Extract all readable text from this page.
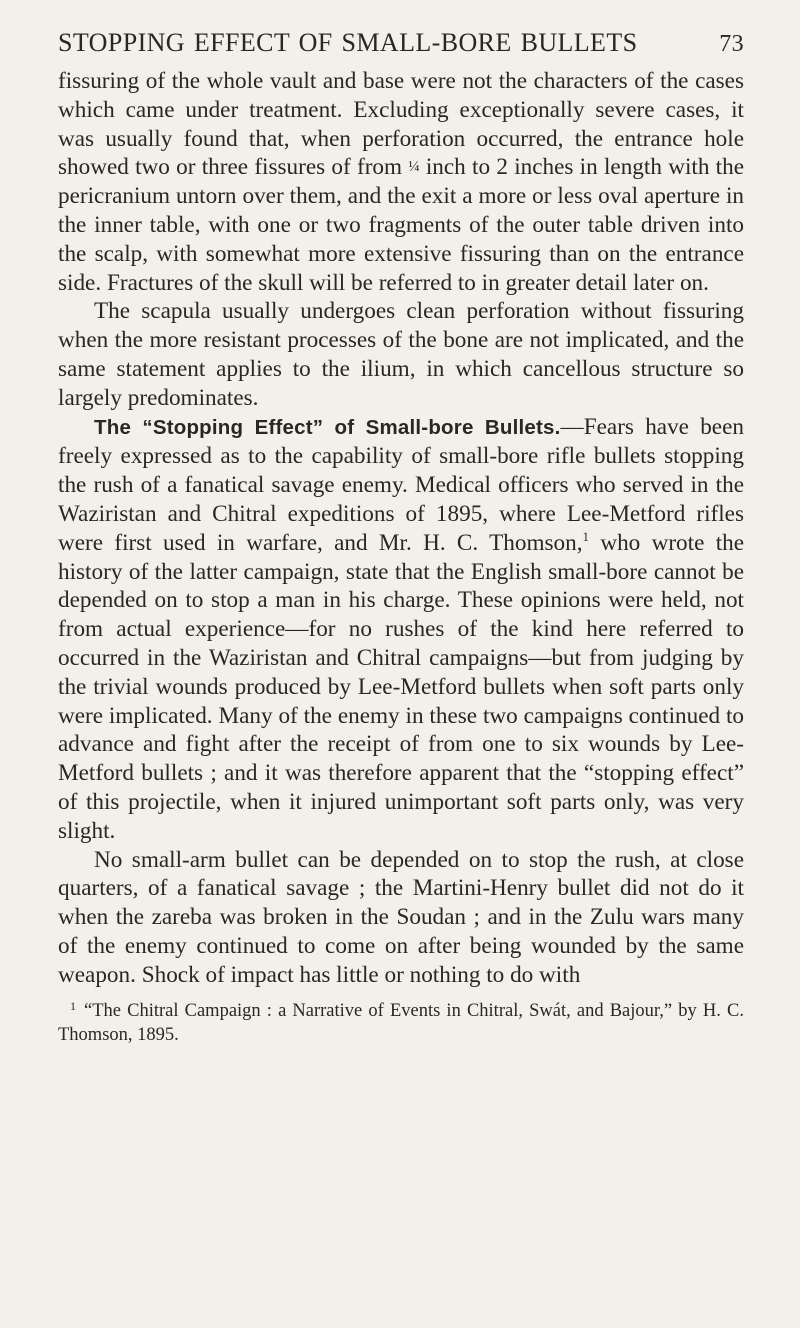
STOPPING EFFECT OF SMALL-BORE BULLETS	73

fissuring of the whole vault and base were not the characters of the cases which came under treatment. Excluding exceptionally severe cases, it was usually found that, when perforation occurred, the entrance hole showed two or three fissures of from ¼ inch to 2 inches in length with the pericranium untorn over them, and the exit a more or less oval aperture in the inner table, with one or two fragments of the outer table driven into the scalp, with somewhat more extensive fissuring than on the entrance side. Fractures of the skull will be referred to in greater detail later on.

The scapula usually undergoes clean perforation without fissuring when the more resistant processes of the bone are not implicated, and the same statement applies to the ilium, in which cancellous structure so largely predominates.

The “Stopping Effect” of Small-bore Bullets.—Fears have been freely expressed as to the capability of small-bore rifle bullets stopping the rush of a fanatical savage enemy. Medical officers who served in the Waziristan and Chitral expeditions of 1895, where Lee-Metford rifles were first used in warfare, and Mr. H. C. Thomson,$^1$ who wrote the history of the latter campaign, state that the English small-bore cannot be depended on to stop a man in his charge. These opinions were held, not from actual experience—for no rushes of the kind here referred to occurred in the Waziristan and Chitral campaigns—but from judging by the trivial wounds produced by Lee-Metford bullets when soft parts only were implicated. Many of the enemy in these two campaigns continued to advance and fight after the receipt of from one to six wounds by Lee-Metford bullets ; and it was therefore apparent that the “stopping effect” of this projectile, when it injured unimportant soft parts only, was very slight.

No small-arm bullet can be depended on to stop the rush, at close quarters, of a fanatical savage ; the Martini-Henry bullet did not do it when the zareba was broken in the Soudan ; and in the Zulu wars many of the enemy continued to come on after being wounded by the same weapon. Shock of impact has little or nothing to do with

$^1$ “The Chitral Campaign : a Narrative of Events in Chitral, Swát, and Bajour,” by H. C. Thomson, 1895.
